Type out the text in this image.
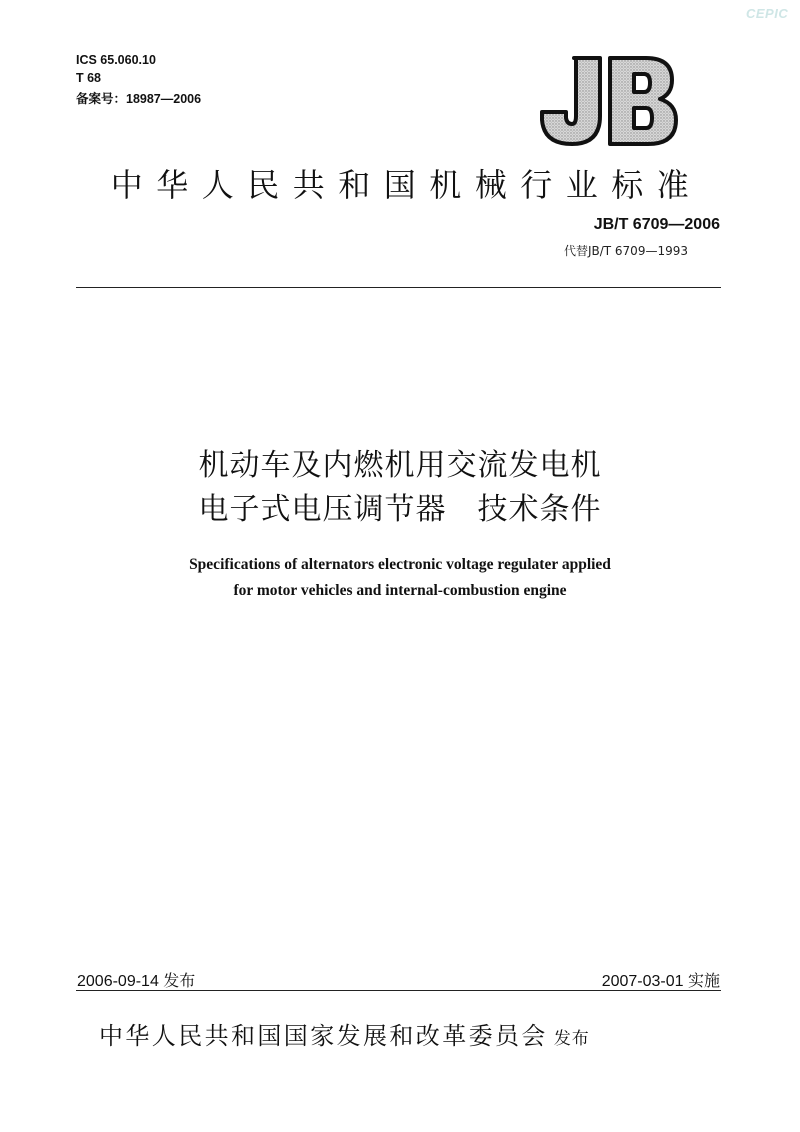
CEPIC
ICS 65.060.10
T 68
备案号：18987—2006
中华人民共和国机械行业标准
JB/T 6709—2006
代替JB/T 6709—1993
机动车及内燃机用交流发电机
电子式电压调节器　技术条件
Specifications of alternators electronic voltage regulater applied
for motor vehicles and internal-combustion engine
2006-09-14 发布	2007-03-01 实施
中华人民共和国国家发展和改革委员会 发布
